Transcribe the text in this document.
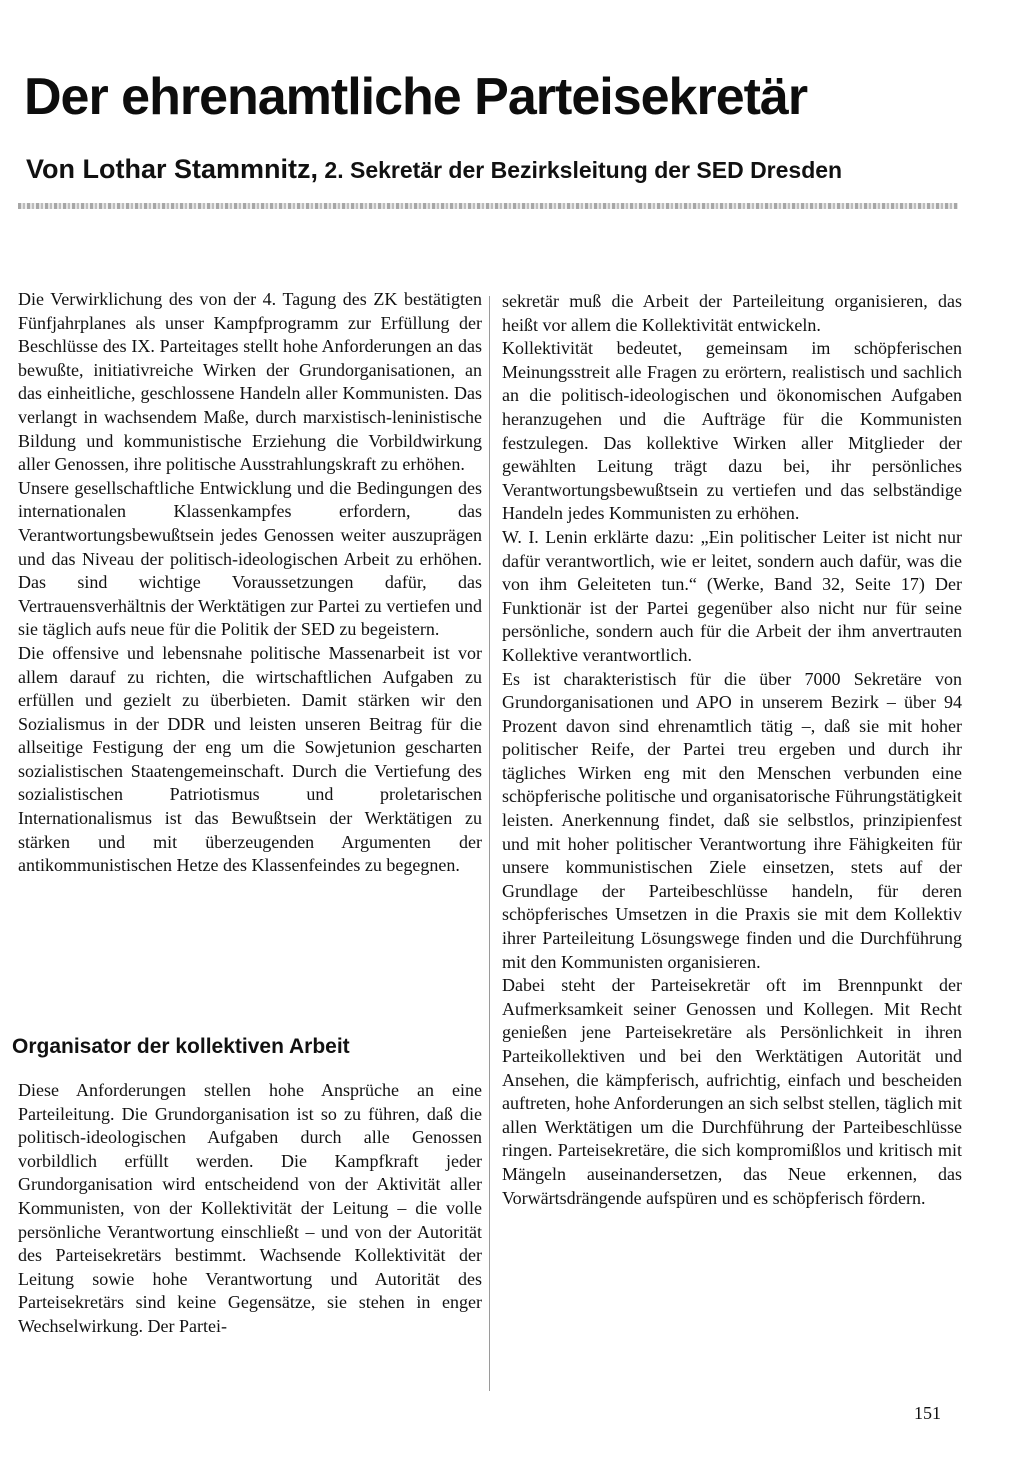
Der ehrenamtliche Parteisekretär
Von Lothar Stammnitz, 2. Sekretär der Bezirksleitung der SED Dresden

Die Verwirklichung des von der 4. Tagung des ZK bestätigten Fünfjahrplanes als unser Kampfprogramm zur Erfüllung der Beschlüsse des IX. Parteitages stellt hohe Anforderungen an das bewußte, initiativreiche Wirken der Grundorganisationen, an das einheitliche, geschlossene Handeln aller Kommunisten. Das verlangt in wachsendem Maße, durch marxistisch-leninistische Bildung und kommunistische Erziehung die Vorbildwirkung aller Genossen, ihre politische Ausstrahlungskraft zu erhöhen.

Unsere gesellschaftliche Entwicklung und die Bedingungen des internationalen Klassenkampfes erfordern, das Verantwortungsbewußtsein jedes Genossen weiter auszuprägen und das Niveau der politisch-ideologischen Arbeit zu erhöhen. Das sind wichtige Voraussetzungen dafür, das Vertrauensverhältnis der Werktätigen zur Partei zu vertiefen und sie täglich aufs neue für die Politik der SED zu begeistern.

Die offensive und lebensnahe politische Massenarbeit ist vor allem darauf zu richten, die wirtschaftlichen Aufgaben zu erfüllen und gezielt zu überbieten. Damit stärken wir den Sozialismus in der DDR und leisten unseren Beitrag für die allseitige Festigung der eng um die Sowjetunion gescharten sozialistischen Staatengemeinschaft. Durch die Vertiefung des sozialistischen Patriotismus und proletarischen Internationalismus ist das Bewußtsein der Werktätigen zu stärken und mit überzeugenden Argumenten der antikommunistischen Hetze des Klassenfeindes zu begegnen.

Organisator der kollektiven Arbeit

Diese Anforderungen stellen hohe Ansprüche an eine Parteileitung. Die Grundorganisation ist so zu führen, daß die politisch-ideologischen Aufgaben durch alle Genossen vorbildlich erfüllt werden. Die Kampfkraft jeder Grundorganisation wird entscheidend von der Aktivität aller Kommunisten, von der Kollektivität der Leitung – die volle persönliche Verantwortung einschließt – und von der Autorität des Parteisekretärs bestimmt. Wachsende Kollektivität der Leitung sowie hohe Verantwortung und Autorität des Parteisekretärs sind keine Gegensätze, sie stehen in enger Wechselwirkung. Der Partei-

sekretär muß die Arbeit der Parteileitung organisieren, das heißt vor allem die Kollektivität entwickeln.

Kollektivität bedeutet, gemeinsam im schöpferischen Meinungsstreit alle Fragen zu erörtern, realistisch und sachlich an die politisch-ideologischen und ökonomischen Aufgaben heranzugehen und die Aufträge für die Kommunisten festzulegen. Das kollektive Wirken aller Mitglieder der gewählten Leitung trägt dazu bei, ihr persönliches Verantwortungsbewußtsein zu vertiefen und das selbständige Handeln jedes Kommunisten zu erhöhen.

W. I. Lenin erklärte dazu: „Ein politischer Leiter ist nicht nur dafür verantwortlich, wie er leitet, sondern auch dafür, was die von ihm Geleiteten tun.“ (Werke, Band 32, Seite 17) Der Funktionär ist der Partei gegenüber also nicht nur für seine persönliche, sondern auch für die Arbeit der ihm anvertrauten Kollektive verantwortlich.

Es ist charakteristisch für die über 7000 Sekretäre von Grundorganisationen und APO in unserem Bezirk – über 94 Prozent davon sind ehrenamtlich tätig –, daß sie mit hoher politischer Reife, der Partei treu ergeben und durch ihr tägliches Wirken eng mit den Menschen verbunden eine schöpferische politische und organisatorische Führungstätigkeit leisten. Anerkennung findet, daß sie selbstlos, prinzipienfest und mit hoher politischer Verantwortung ihre Fähigkeiten für unsere kommunistischen Ziele einsetzen, stets auf der Grundlage der Parteibeschlüsse handeln, für deren schöpferisches Umsetzen in die Praxis sie mit dem Kollektiv ihrer Parteileitung Lösungswege finden und die Durchführung mit den Kommunisten organisieren.

Dabei steht der Parteisekretär oft im Brennpunkt der Aufmerksamkeit seiner Genossen und Kollegen. Mit Recht genießen jene Parteisekretäre als Persönlichkeit in ihren Parteikollektiven und bei den Werktätigen Autorität und Ansehen, die kämpferisch, aufrichtig, einfach und bescheiden auftreten, hohe Anforderungen an sich selbst stellen, täglich mit allen Werktätigen um die Durchführung der Parteibeschlüsse ringen. Parteisekretäre, die sich kompromißlos und kritisch mit Mängeln auseinandersetzen, das Neue erkennen, das Vorwärtsdrängende aufspüren und es schöpferisch fördern.

151
